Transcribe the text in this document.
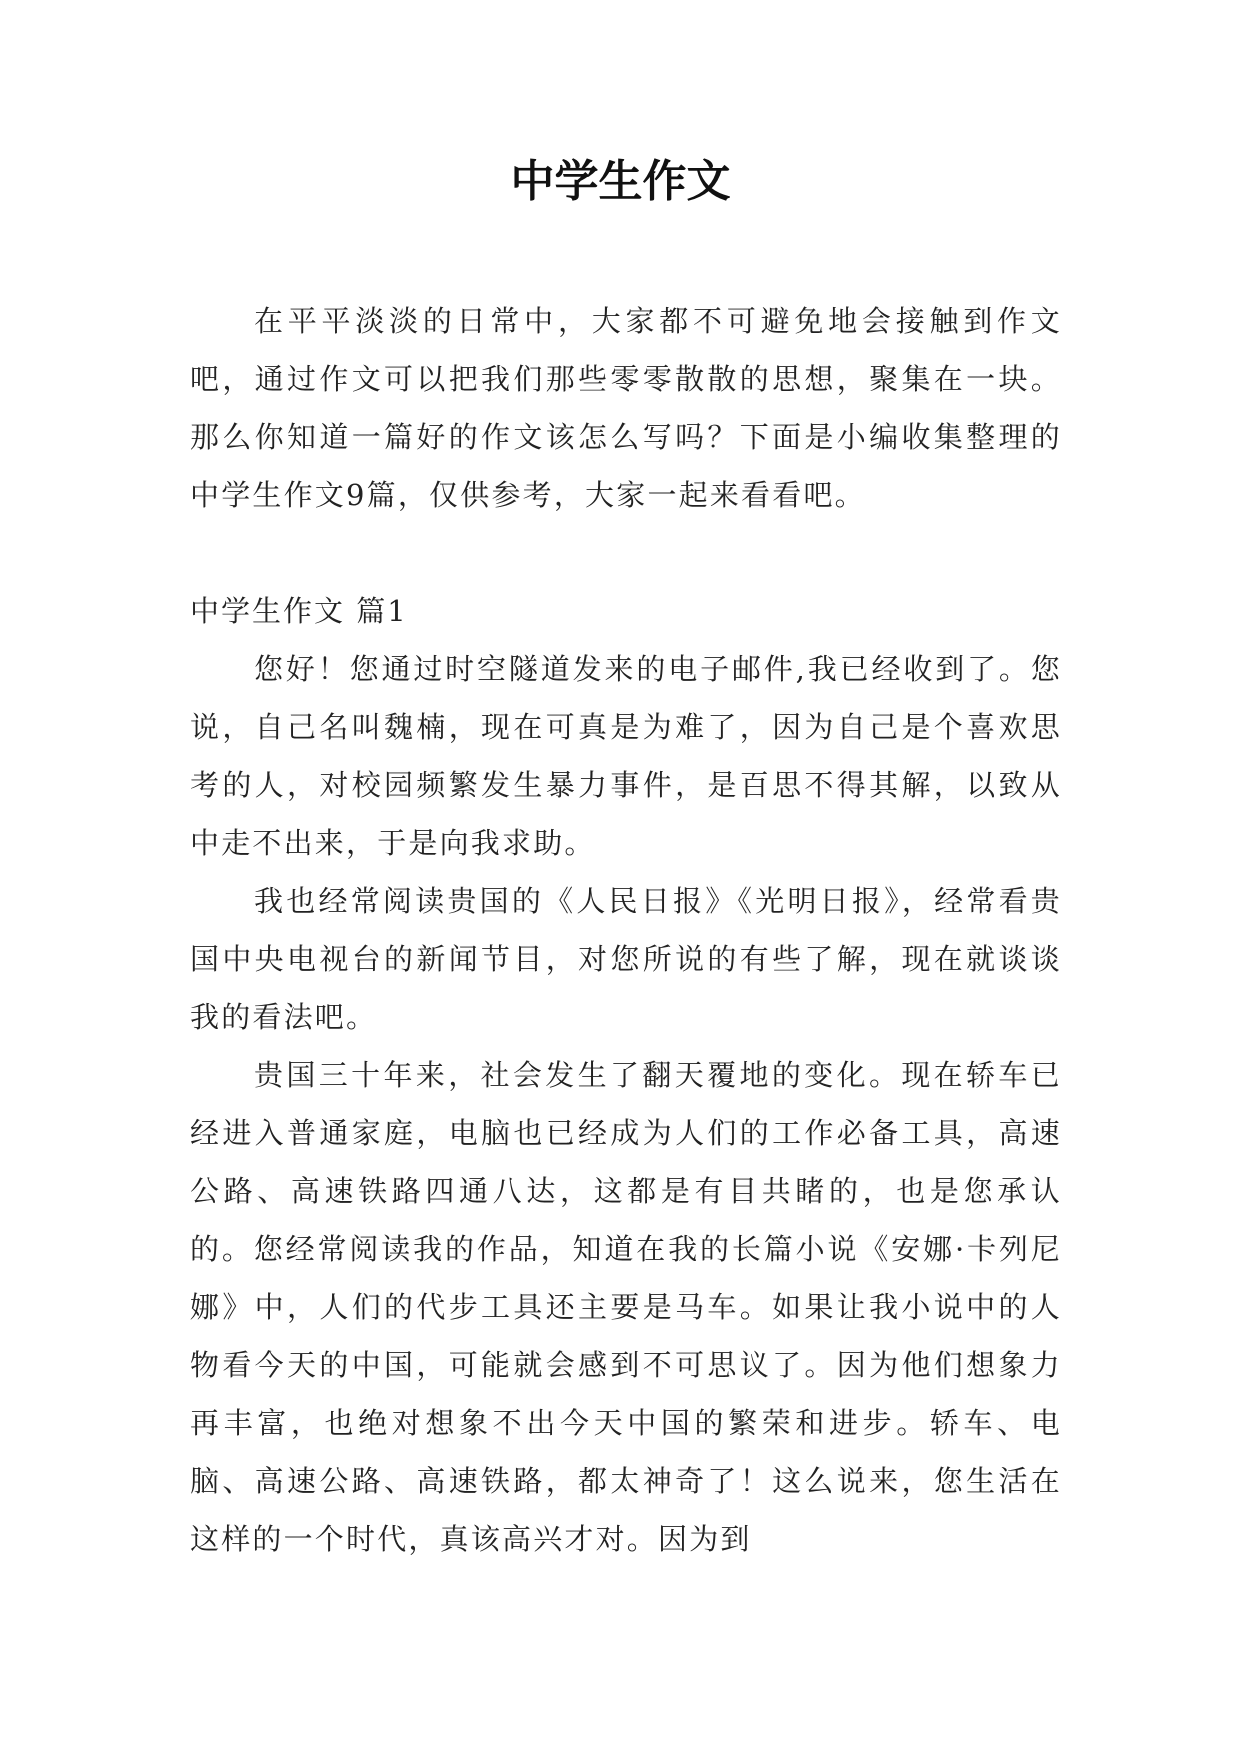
中学生作文

在平平淡淡的日常中，大家都不可避免地会接触到作文吧，通过作文可以把我们那些零零散散的思想，聚集在一块。那么你知道一篇好的作文该怎么写吗？下面是小编收集整理的中学生作文9篇，仅供参考，大家一起来看看吧。

中学生作文 篇1

您好！您通过时空隧道发来的电子邮件,我已经收到了。您说，自己名叫魏楠，现在可真是为难了，因为自己是个喜欢思考的人，对校园频繁发生暴力事件，是百思不得其解，以致从中走不出来，于是向我求助。

我也经常阅读贵国的《人民日报》《光明日报》，经常看贵国中央电视台的新闻节目，对您所说的有些了解，现在就谈谈我的看法吧。

贵国三十年来，社会发生了翻天覆地的变化。现在轿车已经进入普通家庭，电脑也已经成为人们的工作必备工具，高速公路、高速铁路四通八达，这都是有目共睹的，也是您承认的。您经常阅读我的作品，知道在我的长篇小说《安娜·卡列尼娜》中，人们的代步工具还主要是马车。如果让我小说中的人物看今天的中国，可能就会感到不可思议了。因为他们想象力再丰富，也绝对想象不出今天中国的繁荣和进步。轿车、电脑、高速公路、高速铁路，都太神奇了！这么说来，您生活在这样的一个时代，真该高兴才对。因为到
